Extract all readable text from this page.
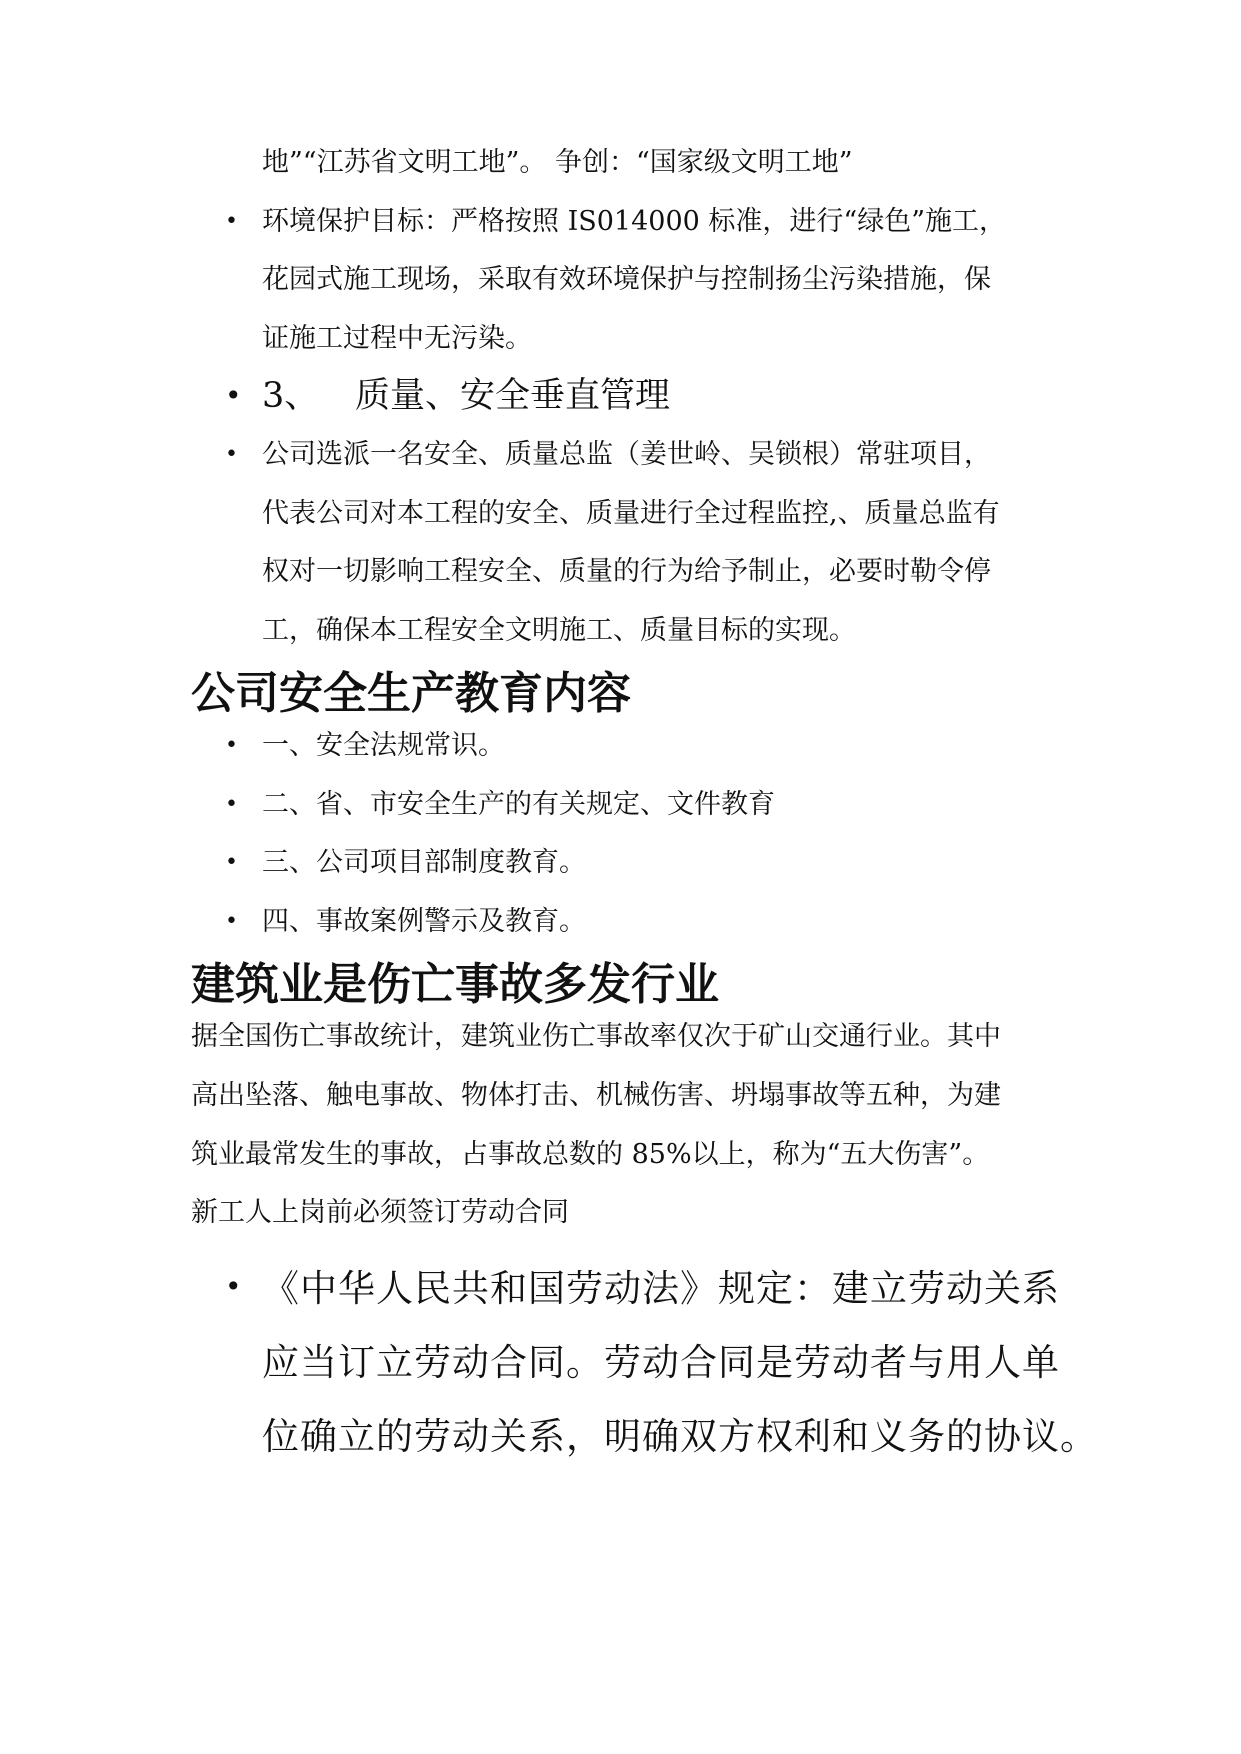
地”“江苏省文明工地”。 争创：“国家级文明工地”
• 环境保护目标：严格按照 IS014000 标准，进行“绿色”施工，
花园式施工现场，采取有效环境保护与控制扬尘污染措施，保
证施工过程中无污染。
• 3、 质量、安全垂直管理
• 公司选派一名安全、质量总监（姜世岭、吴锁根）常驻项目，
代表公司对本工程的安全、质量进行全过程监控,、质量总监有
权对一切影响工程安全、质量的行为给予制止，必要时勒令停
工，确保本工程安全文明施工、质量目标的实现。
公司安全生产教育内容
• 一、安全法规常识。
• 二、省、市安全生产的有关规定、文件教育
• 三、公司项目部制度教育。
• 四、事故案例警示及教育。
建筑业是伤亡事故多发行业
据全国伤亡事故统计，建筑业伤亡事故率仅次于矿山交通行业。其中
高出坠落、触电事故、物体打击、机械伤害、坍塌事故等五种，为建
筑业最常发生的事故，占事故总数的 85%以上，称为“五大伤害”。
新工人上岗前必须签订劳动合同
• 《中华人民共和国劳动法》规定：建立劳动关系
应当订立劳动合同。劳动合同是劳动者与用人单
位确立的劳动关系，明确双方权利和义务的协议。
